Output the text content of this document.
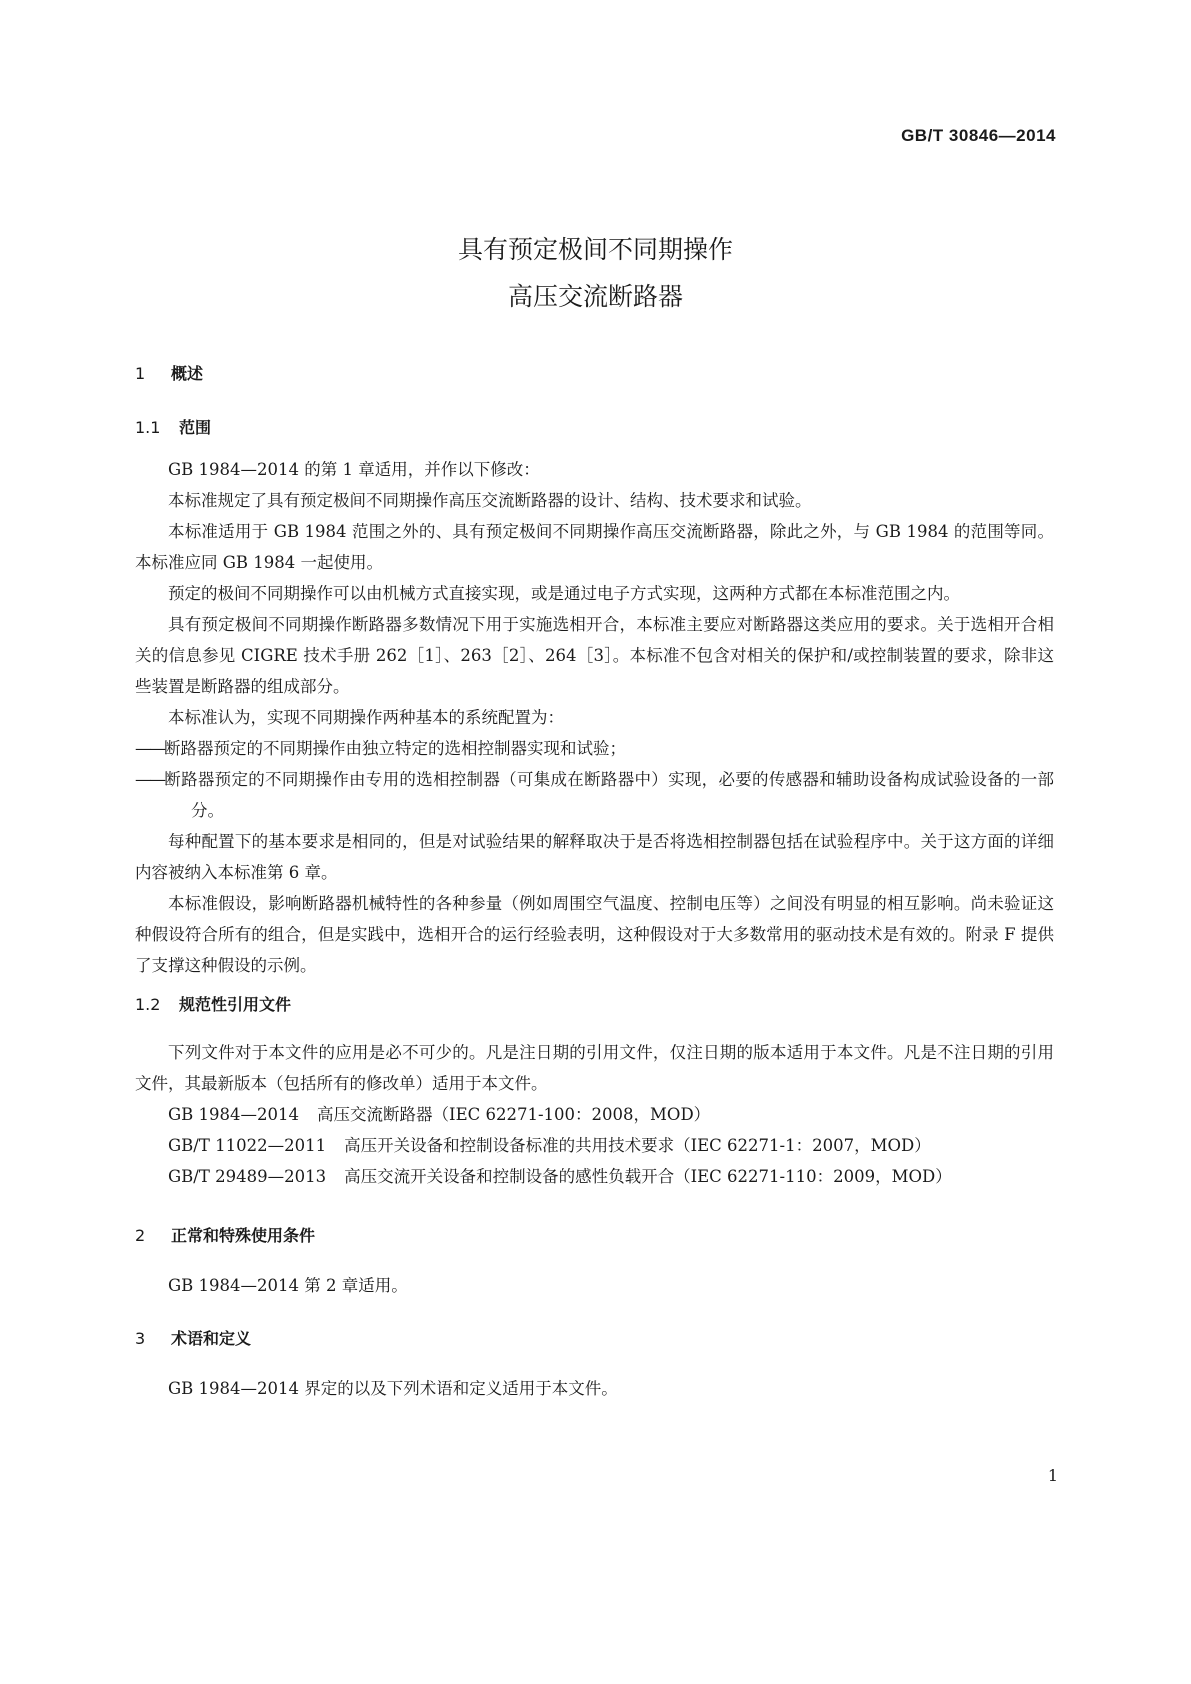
GB/T 30846—2014
具有预定极间不同期操作
高压交流断路器
1 概述
1.1 范围

GB 1984—2014 的第 1 章适用，并作以下修改：

本标准规定了具有预定极间不同期操作高压交流断路器的设计、结构、技术要求和试验。

本标准适用于 GB 1984 范围之外的、具有预定极间不同期操作高压交流断路器，除此之外，与 GB 1984 的范围等同。本标准应同 GB 1984 一起使用。

预定的极间不同期操作可以由机械方式直接实现，或是通过电子方式实现，这两种方式都在本标准范围之内。

具有预定极间不同期操作断路器多数情况下用于实施选相开合，本标准主要应对断路器这类应用的要求。关于选相开合相关的信息参见 CIGRE 技术手册 262［1］、263［2］、264［3］。本标准不包含对相关的保护和/或控制装置的要求，除非这些装置是断路器的组成部分。

本标准认为，实现不同期操作两种基本的系统配置为：

——断路器预定的不同期操作由独立特定的选相控制器实现和试验；

——断路器预定的不同期操作由专用的选相控制器（可集成在断路器中）实现，必要的传感器和辅助设备构成试验设备的一部分。

每种配置下的基本要求是相同的，但是对试验结果的解释取决于是否将选相控制器包括在试验程序中。关于这方面的详细内容被纳入本标准第 6 章。

本标准假设，影响断路器机械特性的各种参量（例如周围空气温度、控制电压等）之间没有明显的相互影响。尚未验证这种假设符合所有的组合，但是实践中，选相开合的运行经验表明，这种假设对于大多数常用的驱动技术是有效的。附录 F 提供了支撑这种假设的示例。

1.2 规范性引用文件

下列文件对于本文件的应用是必不可少的。凡是注日期的引用文件，仅注日期的版本适用于本文件。凡是不注日期的引用文件，其最新版本（包括所有的修改单）适用于本文件。

GB 1984—2014 高压交流断路器（IEC 62271-100：2008，MOD）

GB/T 11022—2011 高压开关设备和控制设备标准的共用技术要求（IEC 62271-1：2007，MOD）

GB/T 29489—2013 高压交流开关设备和控制设备的感性负载开合（IEC 62271-110：2009，MOD）

2 正常和特殊使用条件

GB 1984—2014 第 2 章适用。

3 术语和定义

GB 1984—2014 界定的以及下列术语和定义适用于本文件。

1
